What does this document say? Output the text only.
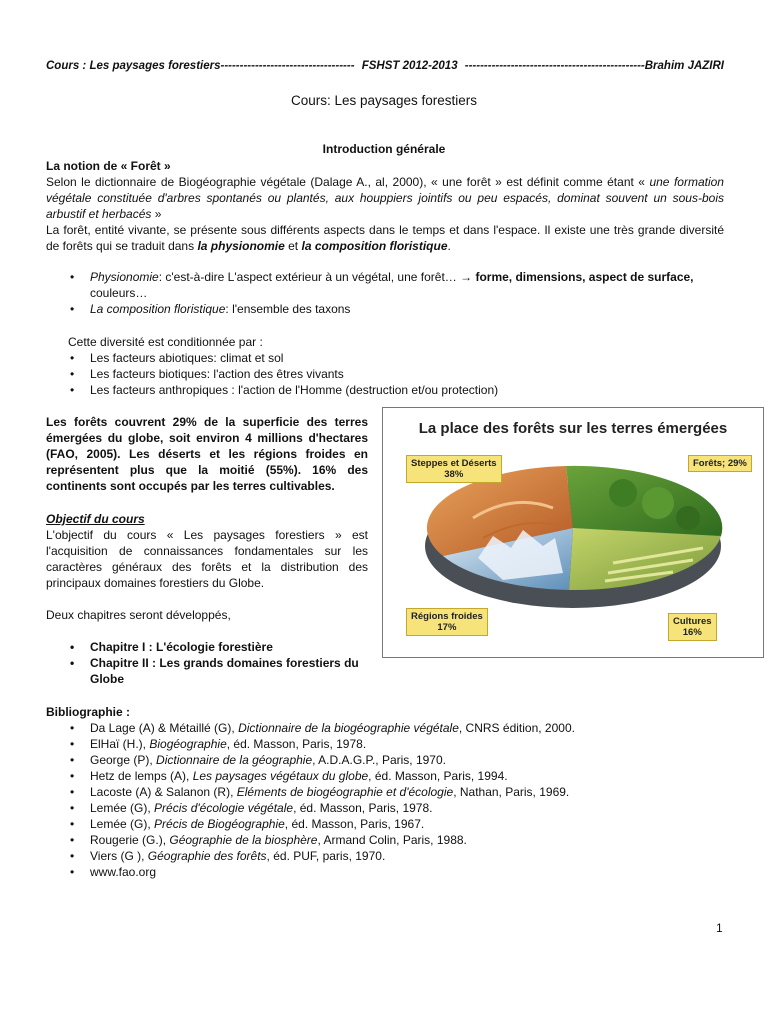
Cours : Les paysages forestiers----------------------------------- FSHST 2012-2013 -----------------------------------------------Brahim JAZIRI
Cours: Les paysages forestiers
Introduction générale
La notion de « Forêt »
Selon le dictionnaire de Biogéographie végétale (Dalage A., al, 2000), « une forêt » est définit comme étant « une formation végétale constituée d'arbres spontanés ou plantés, aux houppiers jointifs ou peu espacés, dominat souvent un sous-bois arbustif et herbacés »
La forêt, entité vivante, se présente sous différents aspects dans le temps et dans l'espace. Il existe une très grande diversité de forêts qui se traduit dans la physionomie et la composition floristique.
• Physionomie: c'est-à-dire L'aspect extérieur à un végétal, une forêt… → forme, dimensions, aspect de surface,
couleurs…
• La composition floristique: l'ensemble des taxons
Cette diversité est conditionnée par :
• Les facteurs abiotiques: climat et sol
• Les facteurs biotiques: l'action des êtres vivants
• Les facteurs anthropiques : l'action de l'Homme (destruction et/ou protection)
Les forêts couvrent 29% de la superficie des terres émergées du globe, soit environ 4 millions d'hectares (FAO, 2005). Les déserts et les régions froides en représentent plus que la moitié (55%). 16% des continents sont occupés par les terres cultivables.
Objectif du cours
L'objectif du cours « Les paysages forestiers » est l'acquisition de connaissances fondamentales sur les caractères généraux des forêts et la distribution des principaux domaines forestiers du Globe.
Deux chapitres seront développés,
• Chapitre I : L'écologie forestière
• Chapitre II : Les grands domaines forestiers du Globe
La place des forêts sur les terres émergées
Steppes et Déserts
38%
Forêts; 29%
Régions froides
17%
Cultures
16%
Bibliographie :
• Da Lage (A) & Métaillé (G), Dictionnaire de la biogéographie végétale, CNRS édition, 2000.
• ElHaï (H.), Biogéographie, éd. Masson, Paris, 1978.
• George (P), Dictionnaire de la géographie, A.D.A.G.P., Paris, 1970.
• Hetz de lemps (A), Les paysages végétaux du globe, éd. Masson, Paris, 1994.
• Lacoste (A) & Salanon (R), Eléments de biogéographie et d'écologie, Nathan, Paris, 1969.
• Lemée (G), Précis d'écologie végétale, éd. Masson, Paris, 1978.
• Lemée (G), Précis de Biogéographie, éd. Masson, Paris, 1967.
• Rougerie (G.), Géographie de la biosphère, Armand Colin, Paris, 1988.
• Viers (G ), Géographie des forêts, éd. PUF, paris, 1970.
• www.fao.org
1
